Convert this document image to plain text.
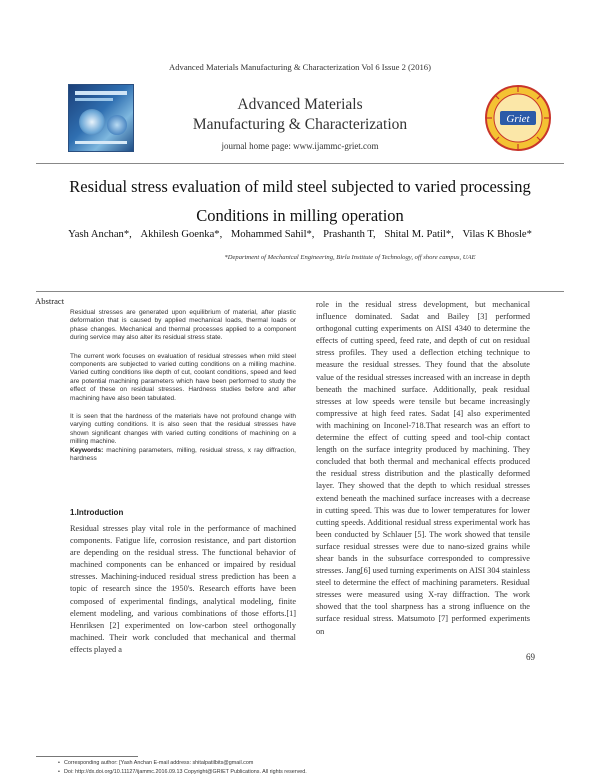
Advanced Materials Manufacturing & Characterization Vol 6 Issue 2 (2016)
Advanced Materials
Manufacturing & Characterization
journal home page: www.ijammc-griet.com
Griet
Residual stress evaluation of mild steel subjected to varied processing
Conditions in milling operation
Yash Anchan*, Akhilesh Goenka*, Mohammed Sahil*, Prashanth T, Shital M. Patil*, Vilas K Bhosle*
*Department of Mechanical Engineering, Birla Institute of Technology, off shore campus, UAE
Abstract

Residual stresses are generated upon equilibrium of material, after plastic deformation that is caused by applied mechanical loads, thermal loads or phase changes. Mechanical and thermal processes applied to a component during service may also alter its residual stress state.

The current work focuses on evaluation of residual stresses when mild steel components are subjected to varied cutting conditions on a milling machine. Varied cutting conditions like depth of cut, coolant conditions, speed and feed are potential machining parameters which have been performed to study the effect of these on residual stresses. Hardness studies before and after machining have also been tabulated.

It is seen that the hardness of the materials have not profound change with varying cutting conditions. It is also seen that the residual stresses have shown significant changes with varied cutting conditions of machining on a milling machine.

Keywords: machining parameters, milling, residual stress, x ray diffraction, hardness

1.Introduction

Residual stresses play vital role in the performance of machined components. Fatigue life, corrosion resistance, and part distortion are depending on the residual stress. The functional behavior of machined components can be enhanced or impaired by residual stresses. Machining-induced residual stress prediction has been a topic of research since the 1950's. Research efforts have been composed of experimental findings, analytical modeling, finite element modeling, and various combinations of those efforts.[1] Henriksen [2] experimented on low-carbon steel orthogonally machined. Their work concluded that mechanical and thermal effects played a

role in the residual stress development, but mechanical influence dominated. Sadat and Bailey [3] performed orthogonal cutting experiments on AISI 4340 to determine the effects of cutting speed, feed rate, and depth of cut on residual stress profiles. They used a deflection etching technique to measure the residual stresses. They found that the absolute value of the residual stresses increased with an increase in depth beneath the machined surface. Additionally, peak residual stresses at low speeds were tensile but became increasingly compressive at high feed rates. Sadat [4] also experimented with machining on Inconel-718.That research was an effort to determine the effect of cutting speed and tool-chip contact length on the surface integrity produced by machining. They concluded that both thermal and mechanical effects produced the residual stress distribution and the plastically deformed layer. They showed that the depth to which residual stresses extend beneath the machined surface increases with a decrease in cutting speed. This was due to lower temperatures for lower cutting speeds. Additional residual stress experimental work has been conducted by Schlauer [5]. The work showed that tensile surface residual stresses were due to nano-sized grains while shear bands in the subsurface corresponded to compressive stresses. Jang[6] used turning experiments on AISI 304 stainless steel to determine the effect of machining parameters. Residual stresses were measured using X-ray diffraction. The work showed that the tool sharpness has a strong influence on the surface residual stress. Matsumoto [7] performed experiments on

69
• Corresponding author: [Yash Anchan E-mail address: shitalpatilbits@gmail.com
• Doi: http://dx.doi.org/10.11127/ijammc.2016.09.13 Copyright@GRIET Publications. All rights reserved.
